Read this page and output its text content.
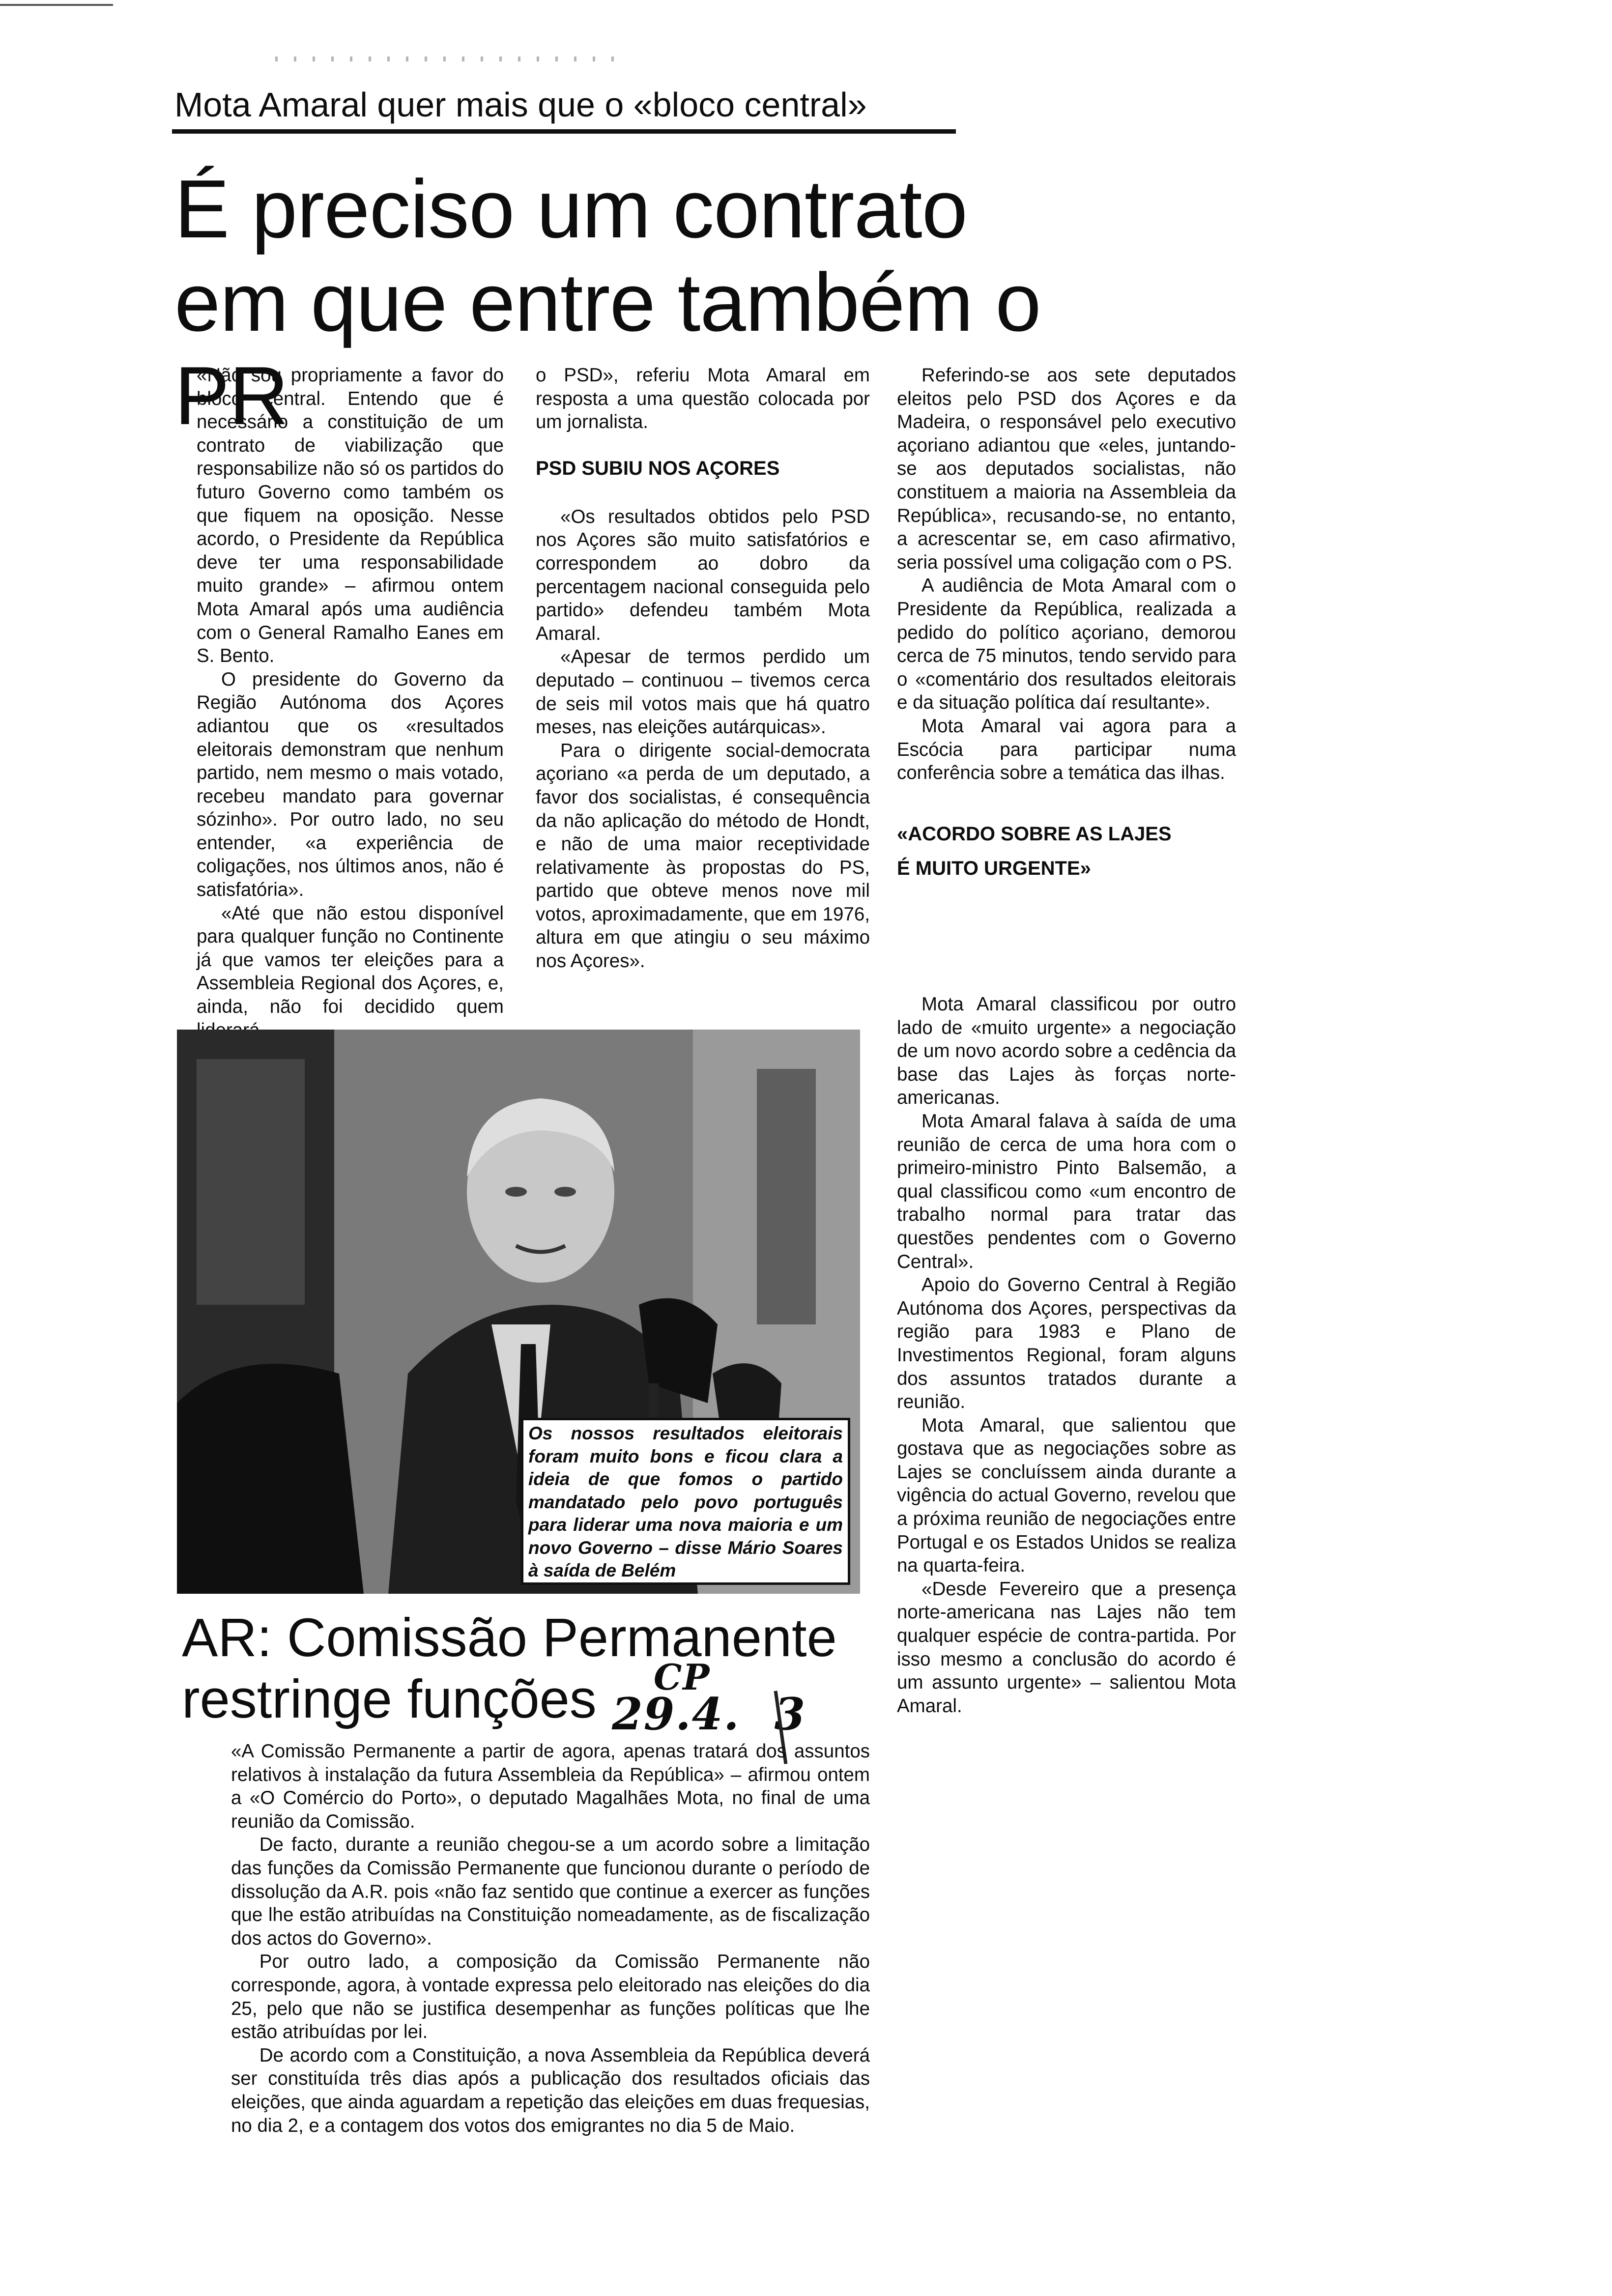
Mota Amaral quer mais que o «bloco central»
É preciso um contrato
em que entre também o PR

«Não sou propriamente a favor do bloco central. Entendo que é necessário a constituição de um contrato de viabilização que responsabilize não só os partidos do futuro Governo como também os que fiquem na oposição. Nesse acordo, o Presidente da República deve ter uma responsabilidade muito grande» – afirmou ontem Mota Amaral após uma audiência com o General Ramalho Eanes em S. Bento.

O presidente do Governo da Região Autónoma dos Açores adiantou que os «resultados eleitorais demonstram que nenhum partido, nem mesmo o mais votado, recebeu mandato para governar sózinho». Por outro lado, no seu entender, «a experiência de coligações, nos últimos anos, não é satisfatória».

«Até que não estou disponível para qualquer função no Continente já que vamos ter eleições para a Assembleia Regional dos Açores, e, ainda, não foi decidido quem

o PSD», referiu Mota Amaral em resposta a uma questão colocada por um jornalista.

PSD SUBIU NOS AÇORES

«Os resultados obtidos pelo PSD nos Açores são muito satisfatórios e correspondem ao dobro da percentagem nacional conseguida pelo partido» defendeu também Mota Amaral.

«Apesar de termos perdido um deputado – continuou – tivemos cerca de seis mil votos mais que há quatro meses, nas eleições autárquicas».

Para o dirigente social-democrata açoriano «a perda de um deputado, a favor dos socialistas, é consequência da não aplicação do método de Hondt, e não de uma maior receptividade relativamente às propostas do PS, partido que obteve menos nove mil votos, aproximadamente, que em 1976, altura em que atingiu o seu máximo nos Açores».

Referindo-se aos sete deputados eleitos pelo PSD dos Açores e da Madeira, o responsável pelo executivo açoriano adiantou que «eles, juntando-se aos deputados socialistas, não constituem a maioria na Assembleia da República», recusando-se, no entanto, a acrescentar se, em caso afirmativo, seria possível uma coligação com o PS.

A audiência de Mota Amaral com o Presidente da República, realizada a pedido do político açoriano, demorou cerca de 75 minutos, tendo servido para o «comentário dos resultados eleitorais e da situação política daí resultante».

Mota Amaral vai agora para a Escócia para participar numa conferência sobre a temática das ilhas.

«ACORDO SOBRE AS LAJES
É MUITO URGENTE»

Mota Amaral classificou por outro lado de «muito urgente» a negociação de um novo acordo sobre a cedência da base das Lajes às forças norte-americanas.

Mota Amaral falava à saída de uma reunião de cerca de uma hora com o primeiro-ministro Pinto Balsemão, a qual classificou como «um encontro de trabalho normal para tratar das questões pendentes com o Governo Central».

Apoio do Governo Central à Região Autónoma dos Açores, perspectivas da região para 1983 e Plano de Investimentos Regional, foram alguns dos assuntos tratados durante a reunião.

Mota Amaral, que salientou que gostava que as negociações sobre as Lajes se concluíssem ainda durante a vigência do actual Governo, revelou que a próxima reunião de negociações entre Portugal e os Estados Unidos se realiza na quarta-feira.

«Desde Fevereiro que a presença norte-americana nas Lajes não tem qualquer espécie de contra-partida. Por isso mesmo a conclusão do acordo é um assunto urgente» – salientou Mota Amaral.

Os nossos resultados eleitorais foram muito bons e ficou clara a ideia de que fomos o partido mandatado pelo povo português para liderar uma nova maioria e um novo Governo – disse Mário Soares à saída de Belém
AR: Comissão Permanente
restringe funções	CP
29.4. 3

«A Comissão Permanente a partir de agora, apenas tratará dos assuntos relativos à instalação da futura Assembleia da República» – afirmou ontem a «O Comércio do Porto», o deputado Magalhães Mota, no final de uma reunião da Comissão.

De facto, durante a reunião chegou-se a um acordo sobre a limitação das funções da Comissão Permanente que funcionou durante o período de dissolução da A.R. pois «não faz sentido que continue a exercer as funções que lhe estão atribuídas na Constituição nomeadamente, as de fiscalização dos actos do Governo».

Por outro lado, a composição da Comissão Permanente não corresponde, agora, à vontade expressa pelo eleitorado nas eleições do dia 25, pelo que não se justifica desempenhar as funções políticas que lhe estão atribuídas por lei.

De acordo com a Constituição, a nova Assembleia da República deverá ser constituída três dias após a publicação dos resultados oficiais das eleições, que ainda aguardam a repetição das eleições em duas frequesias, no dia 2, e a contagem dos votos dos emigrantes no dia 5 de Maio.
